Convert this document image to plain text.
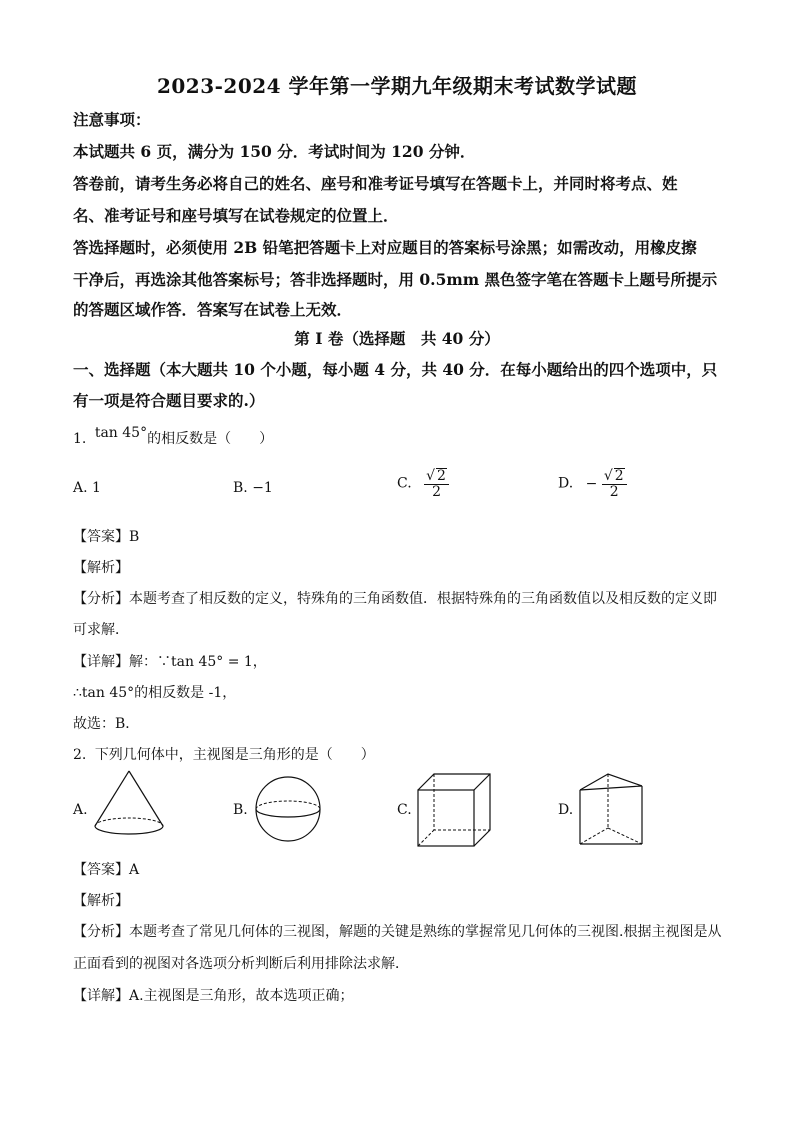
2023-2024 学年第一学期九年级期末考试数学试题
注意事项：
本试题共 6 页，满分为 150 分．考试时间为 120 分钟．
答卷前，请考生务必将自己的姓名、座号和准考证号填写在答题卡上，并同时将考点、姓
名、准考证号和座号填写在试卷规定的位置上．
答选择题时，必须使用 2B 铅笔把答题卡上对应题目的答案标号涂黑；如需改动，用橡皮擦
干净后，再选涂其他答案标号；答非选择题时，用 0.5mm 黑色签字笔在答题卡上题号所提示
的答题区域作答．答案写在试卷上无效．
第 I 卷（选择题　共 40 分）
一、选择题（本大题共 10 个小题，每小题 4 分，共 40 分．在每小题给出的四个选项中，只
有一项是符合题目要求的.）
1. tan 45°的相反数是（　　）
A. 1	B. −1	C. $\frac{√ 2}{2}$	D. − $\frac{√ 2}{2}$
【答案】B
【解析】
【分析】本题考查了相反数的定义，特殊角的三角函数值．根据特殊角的三角函数值以及相反数的定义即
可求解．
【详解】解：∵tan 45° = 1，
∴tan 45°的相反数是 -1，
故选：B．
2. 下列几何体中，主视图是三角形的是（　　）
A.	B.	C.	D.
【答案】A
【解析】
【分析】本题考查了常见几何体的三视图，解题的关键是熟练的掌握常见几何体的三视图.根据主视图是从
正面看到的视图对各选项分析判断后利用排除法求解．
【详解】A.主视图是三角形，故本选项正确；
